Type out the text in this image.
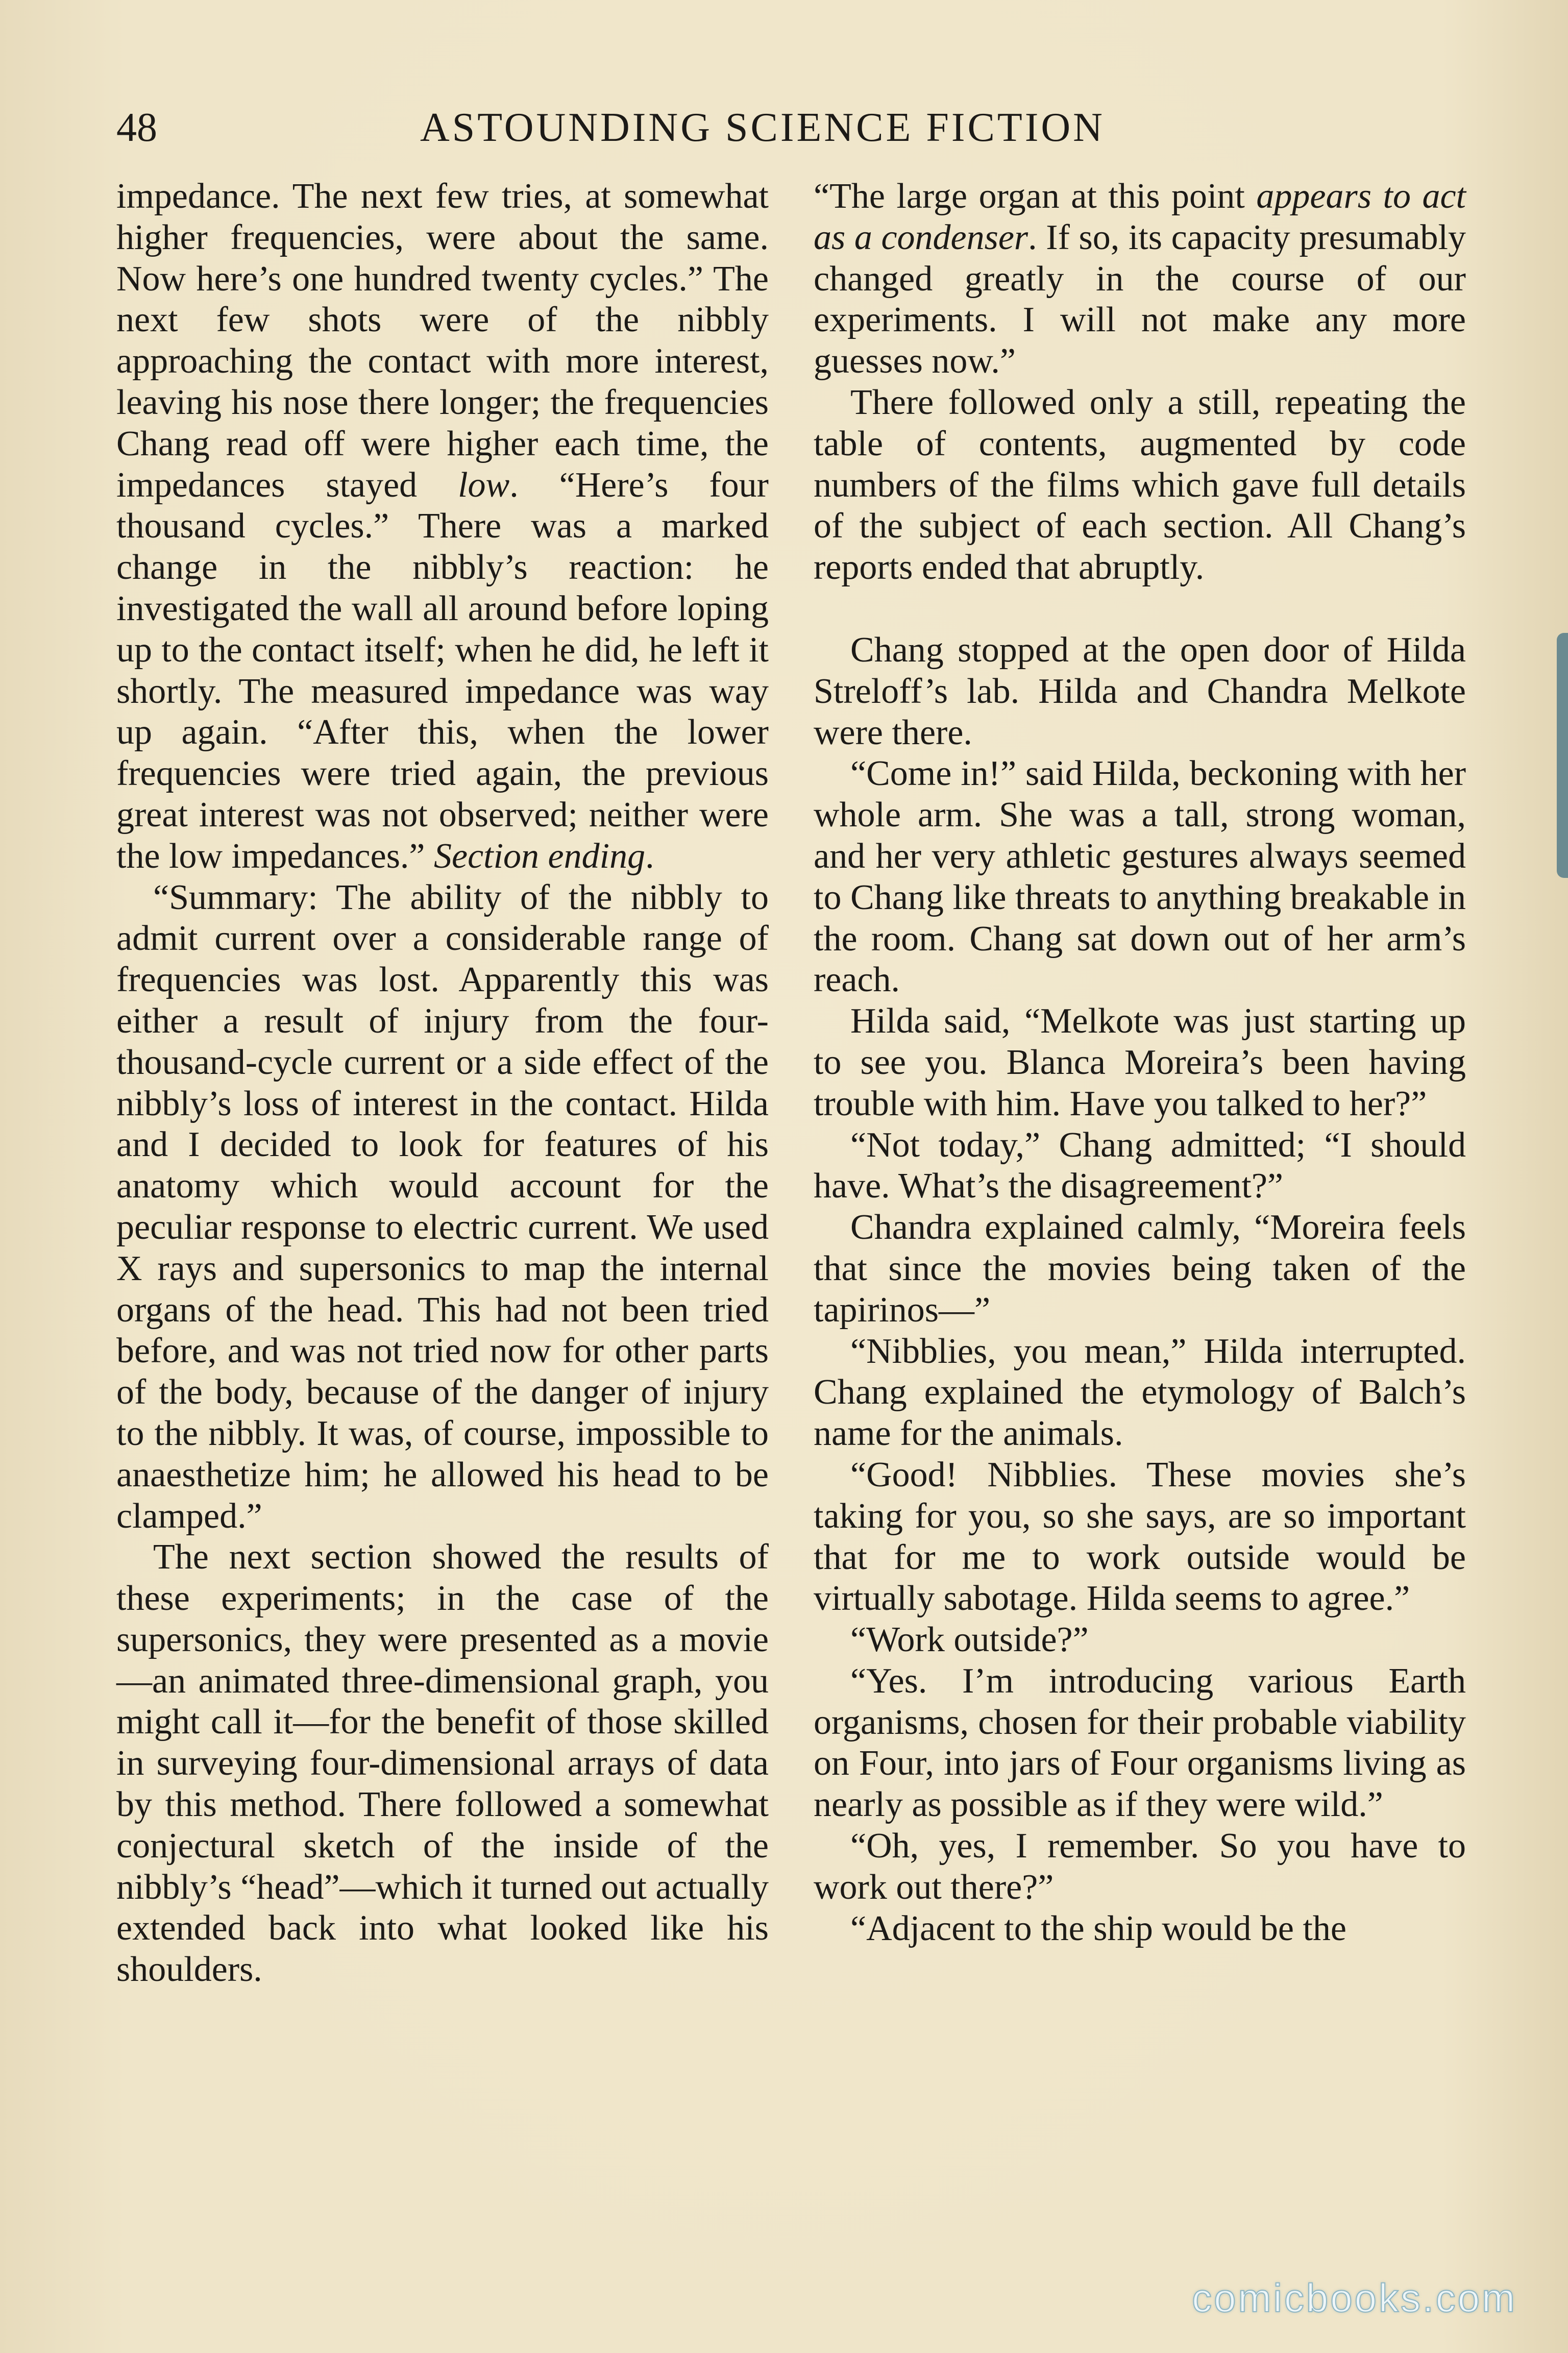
48	ASTOUNDING SCIENCE FICTION

impedance. The next few tries, at somewhat higher frequencies, were about the same. Now here’s one hundred twenty cycles.” The next few shots were of the nibbly approaching the contact with more interest, leaving his nose there longer; the frequencies Chang read off were higher each time, the impedances stayed low. “Here’s four thousand cycles.” There was a marked change in the nibbly’s reaction: he investigated the wall all around before loping up to the contact itself; when he did, he left it shortly. The measured impedance was way up again. “After this, when the lower frequencies were tried again, the previous great interest was not observed; neither were the low impedances.” Section ending.

“Summary: The ability of the nibbly to admit current over a considerable range of frequencies was lost. Apparently this was either a result of injury from the four-thousand-cycle current or a side effect of the nibbly’s loss of interest in the contact. Hilda and I decided to look for features of his anatomy which would account for the peculiar response to electric current. We used X rays and supersonics to map the internal organs of the head. This had not been tried before, and was not tried now for other parts of the body, because of the danger of injury to the nibbly. It was, of course, impossible to anaesthetize him; he allowed his head to be clamped.”

The next section showed the results of these experiments; in the case of the supersonics, they were presented as a movie—an animated three-dimensional graph, you might call it—for the benefit of those skilled in surveying four-dimensional arrays of data by this method. There followed a somewhat conjectural sketch of the inside of the nibbly’s “head”—which it turned out actually extended back into what looked like his shoulders.

“The large organ at this point appears to act as a condenser. If so, its capacity presumably changed greatly in the course of our experiments. I will not make any more guesses now.”

There followed only a still, repeating the table of contents, augmented by code numbers of the films which gave full details of the subject of each section. All Chang’s reports ended that abruptly.

Chang stopped at the open door of Hilda Streloff’s lab. Hilda and Chandra Melkote were there.

“Come in!” said Hilda, beckoning with her whole arm. She was a tall, strong woman, and her very athletic gestures always seemed to Chang like threats to anything breakable in the room. Chang sat down out of her arm’s reach.

Hilda said, “Melkote was just starting up to see you. Blanca Moreira’s been having trouble with him. Have you talked to her?”

“Not today,” Chang admitted; “I should have. What’s the disagreement?”

Chandra explained calmly, “Moreira feels that since the movies being taken of the tapirinos—”

“Nibblies, you mean,” Hilda interrupted. Chang explained the etymology of Balch’s name for the animals.

“Good! Nibblies. These movies she’s taking for you, so she says, are so important that for me to work outside would be virtually sabotage. Hilda seems to agree.”

“Work outside?”

“Yes. I’m introducing various Earth organisms, chosen for their probable viability on Four, into jars of Four organisms living as nearly as possible as if they were wild.”

“Oh, yes, I remember. So you have to work out there?”

“Adjacent to the ship would be the

comicbooks.com
